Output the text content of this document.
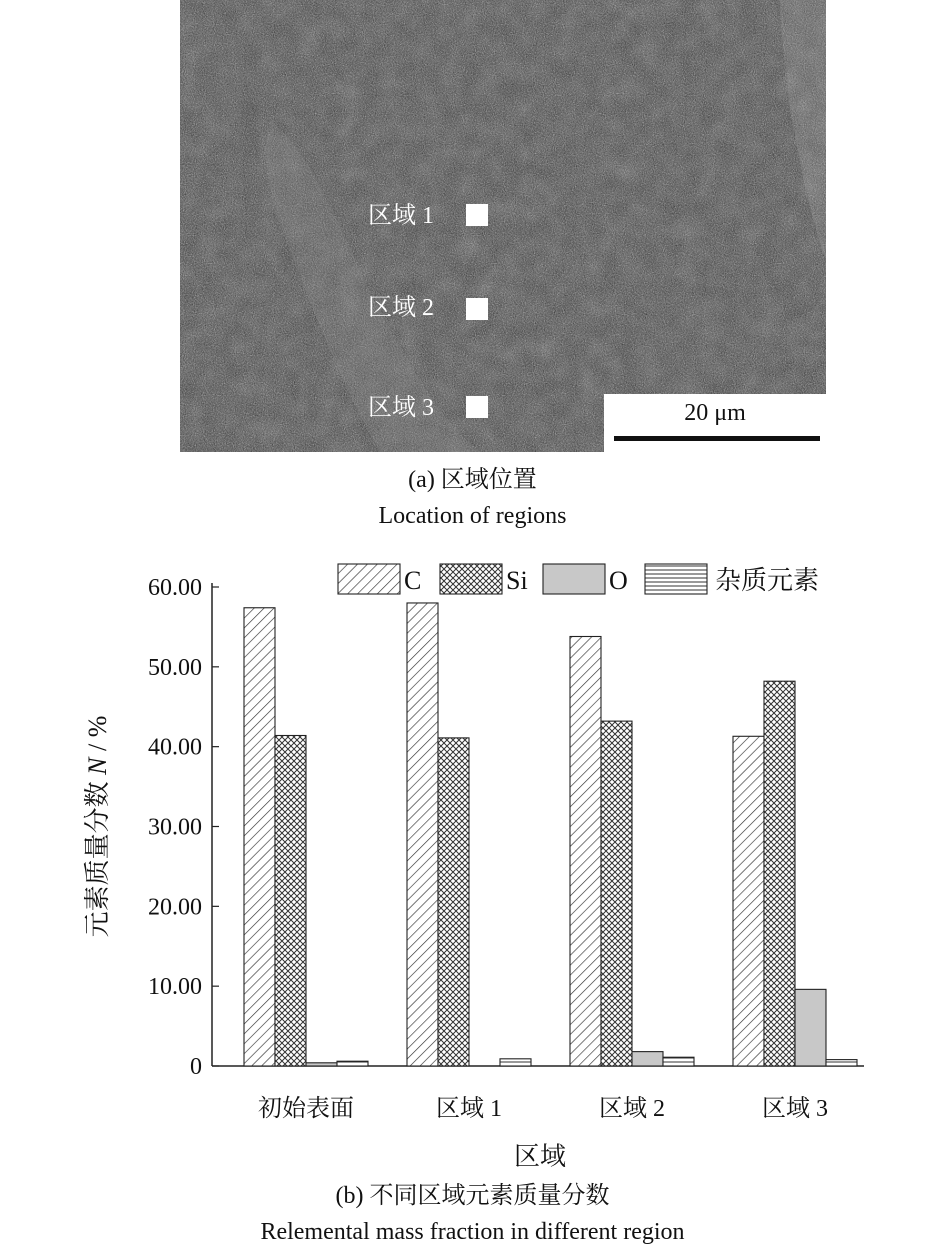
区域 1
区域 2
区域 3	20 μm
(a) 区域位置
Location of regions
C	Si	O	杂质元素
0
10.00
20.00
30.00
40.00
50.00
60.00
初始表面	区域 1	区域 2	区域 3
区域
元素质量分数 N / %
(b) 不同区域元素质量分数
Relemental mass fraction in different region
